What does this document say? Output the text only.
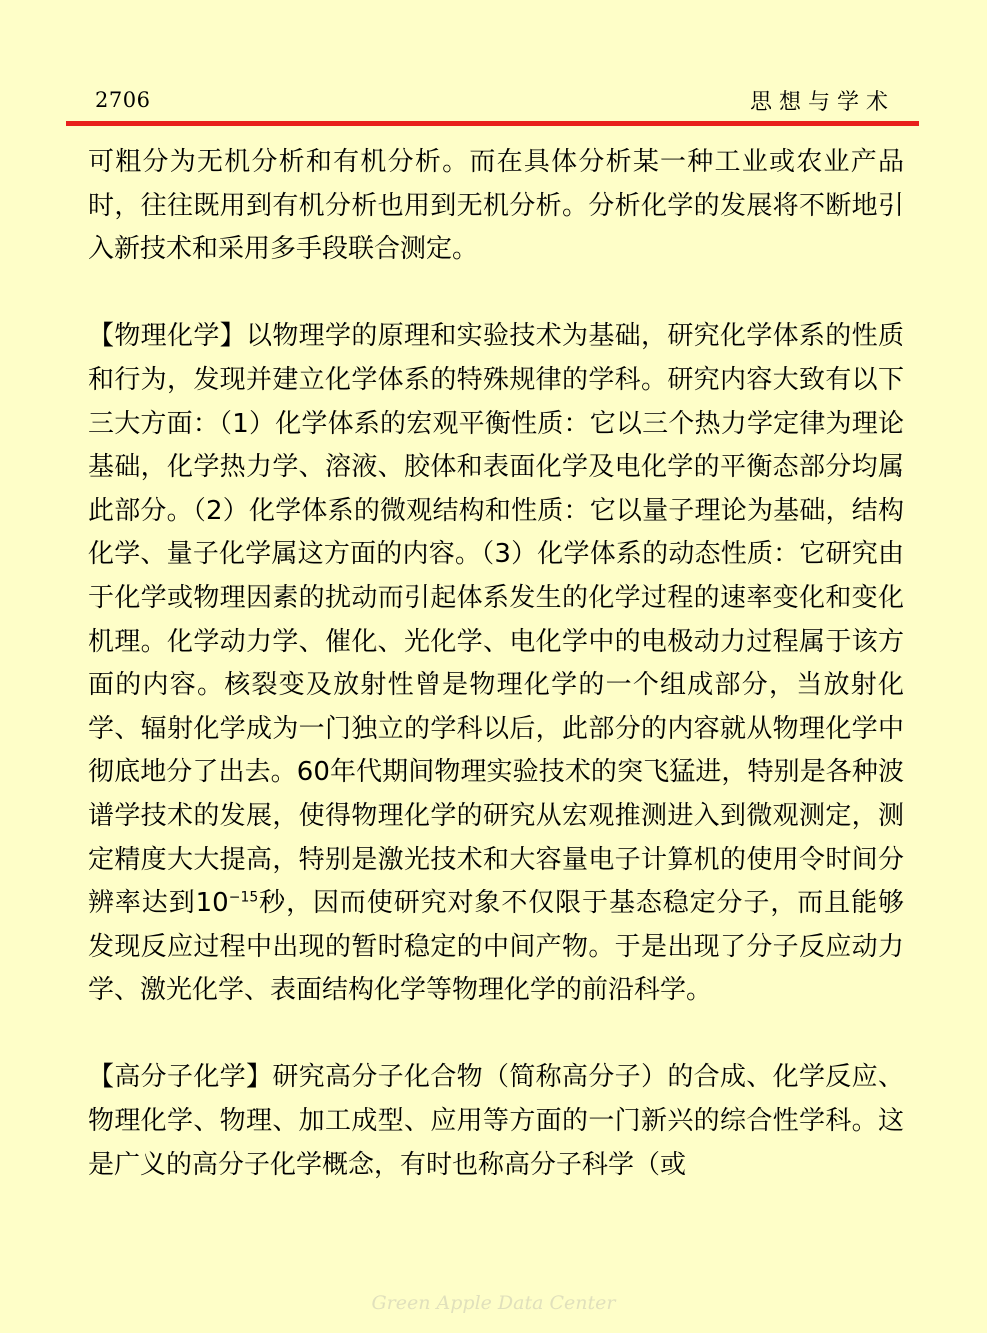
2706	思想与学术

可粗分为无机分析和有机分析。而在具体分析某一种工业或农业产品时，往往既用到有机分析也用到无机分析。分析化学的发展将不断地引入新技术和采用多手段联合测定。

【物理化学】以物理学的原理和实验技术为基础，研究化学体系的性质和行为，发现并建立化学体系的特殊规律的学科。研究内容大致有以下三大方面：（1）化学体系的宏观平衡性质：它以三个热力学定律为理论基础，化学热力学、溶液、胶体和表面化学及电化学的平衡态部分均属此部分。（2）化学体系的微观结构和性质：它以量子理论为基础，结构化学、量子化学属这方面的内容。（3）化学体系的动态性质：它研究由于化学或物理因素的扰动而引起体系发生的化学过程的速率变化和变化机理。化学动力学、催化、光化学、电化学中的电极动力过程属于该方面的内容。核裂变及放射性曾是物理化学的一个组成部分，当放射化学、辐射化学成为一门独立的学科以后，此部分的内容就从物理化学中彻底地分了出去。60年代期间物理实验技术的突飞猛进，特别是各种波谱学技术的发展，使得物理化学的研究从宏观推测进入到微观测定，测定精度大大提高，特别是激光技术和大容量电子计算机的使用令时间分辨率达到$10^{-15}$秒，因而使研究对象不仅限于基态稳定分子，而且能够发现反应过程中出现的暂时稳定的中间产物。于是出现了分子反应动力学、激光化学、表面结构化学等物理化学的前沿科学。

【高分子化学】研究高分子化合物（简称高分子）的合成、化学反应、物理化学、物理、加工成型、应用等方面的一门新兴的综合性学科。这是广义的高分子化学概念，有时也称高分子科学（或

Green Apple Data Center
